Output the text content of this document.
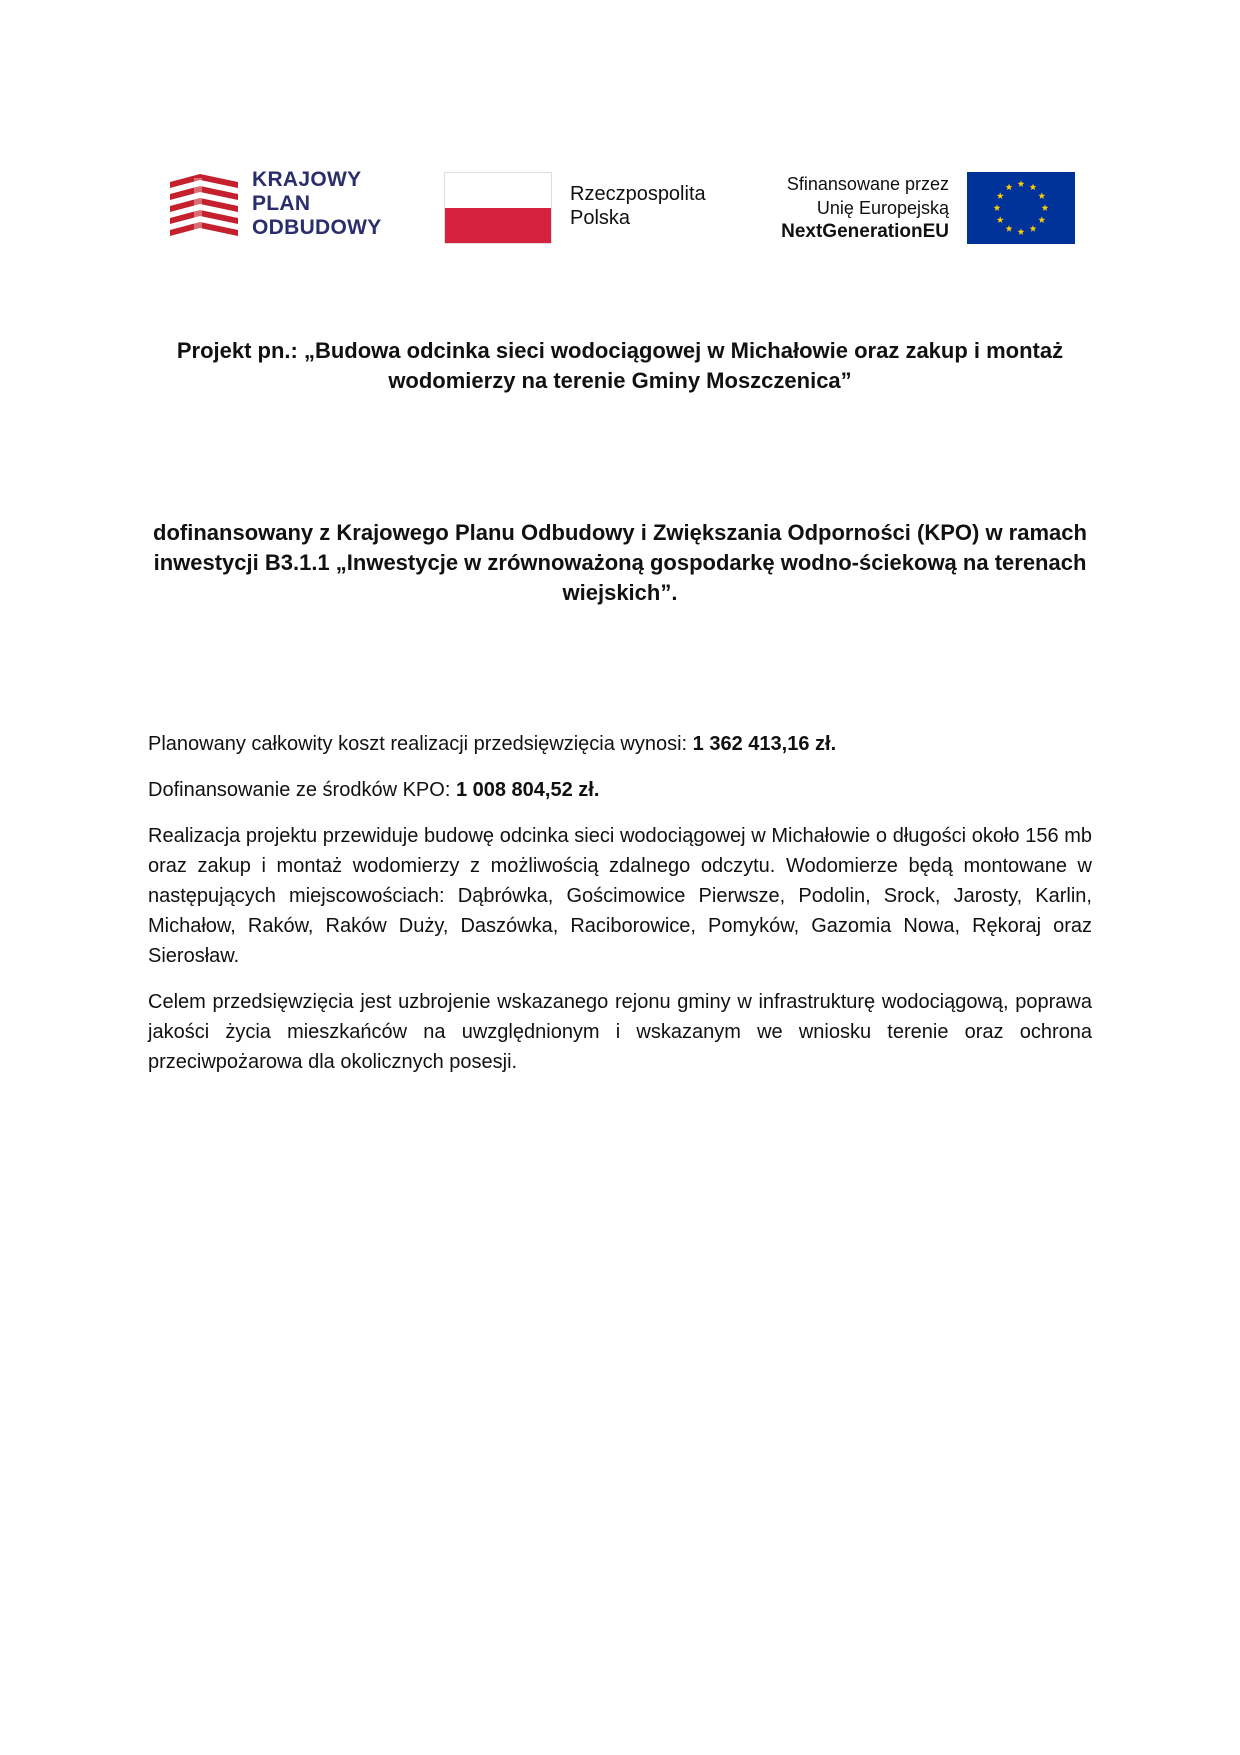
KRAJOWY
PLAN
ODBUDOWY
Rzeczpospolita
Polska
Sfinansowane przez
Unię Europejską
NextGenerationEU
Projekt pn.: „Budowa odcinka sieci wodociągowej w Michałowie oraz zakup i montaż wodomierzy na terenie Gminy Moszczenica”
dofinansowany z Krajowego Planu Odbudowy i Zwiększania Odporności (KPO) w ramach inwestycji B3.1.1 „Inwestycje w zrównoważoną gospodarkę wodno-ściekową na terenach wiejskich”.

Planowany całkowity koszt realizacji przedsięwzięcia wynosi: 1 362 413,16 zł.

Dofinansowanie ze środków KPO: 1 008 804,52 zł.

Realizacja projektu przewiduje budowę odcinka sieci wodociągowej w Michałowie o długości około 156 mb oraz zakup i montaż wodomierzy z możliwością zdalnego odczytu. Wodomierze będą montowane w następujących miejscowościach: Dąbrówka, Gościmowice Pierwsze, Podolin, Srock, Jarosty, Karlin, Michałow, Raków, Raków Duży, Daszówka, Raciborowice, Pomyków, Gazomia Nowa, Rękoraj oraz Sierosław.

Celem przedsięwzięcia jest uzbrojenie wskazanego rejonu gminy w infrastrukturę wodociągową, poprawa jakości życia mieszkańców na uwzględnionym i wskazanym we wniosku terenie oraz ochrona przeciwpożarowa dla okolicznych posesji.
